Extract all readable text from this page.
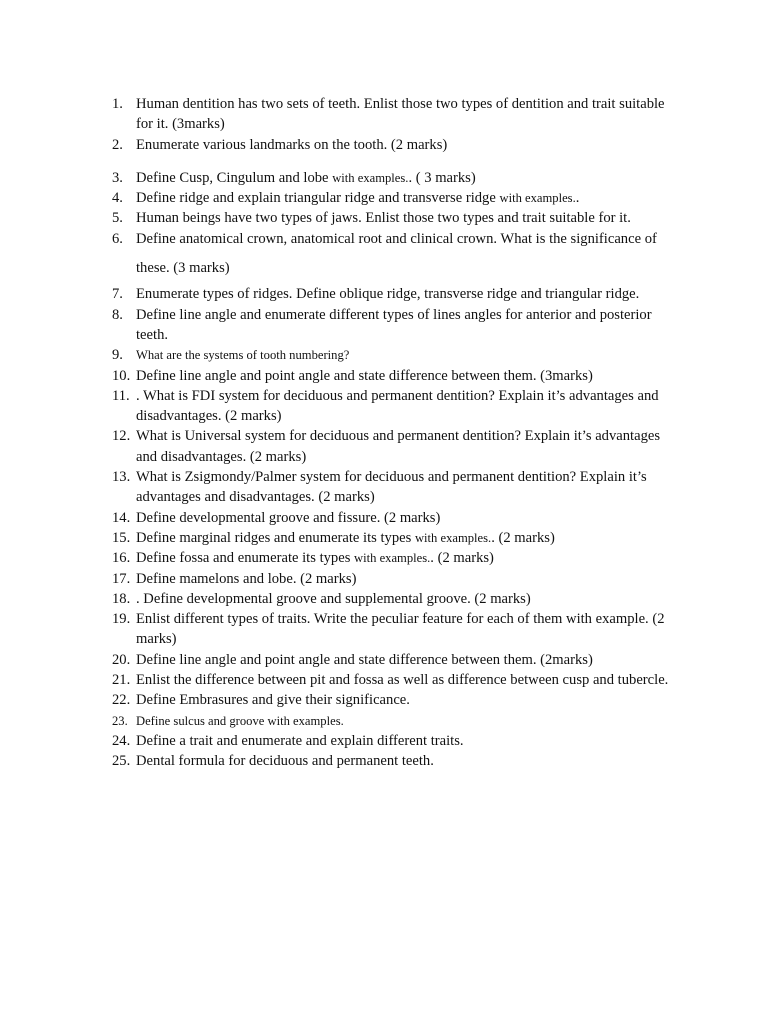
1. Human dentition has two sets of teeth. Enlist those two types of dentition and trait suitable for it. (3marks)
2. Enumerate various landmarks on the tooth. (2 marks)
3. Define Cusp, Cingulum and lobe with examples.. ( 3 marks)
4. Define ridge and explain triangular ridge and transverse ridge with examples..
5. Human beings have two types of jaws. Enlist those two types and trait suitable for it.
6. Define anatomical crown, anatomical root and clinical crown. What is the significance of
these. (3 marks)
7. Enumerate types of ridges. Define oblique ridge, transverse ridge and triangular ridge.
8. Define line angle and enumerate different types of lines angles for anterior and posterior teeth.
9. What are the systems of tooth numbering?
10. Define line angle and point angle and state difference between them. (3marks)
11. . What is FDI system for deciduous and permanent dentition? Explain it’s advantages and disadvantages. (2 marks)
12. What is Universal system for deciduous and permanent dentition? Explain it’s advantages and disadvantages. (2 marks)
13. What is Zsigmondy/Palmer system for deciduous and permanent dentition? Explain it’s advantages and disadvantages. (2 marks)
14. Define developmental groove and fissure. (2 marks)
15. Define marginal ridges and enumerate its types with examples.. (2 marks)
16. Define fossa and enumerate its types with examples.. (2 marks)
17. Define mamelons and lobe. (2 marks)
18. . Define developmental groove and supplemental groove. (2 marks)
19. Enlist different types of traits. Write the peculiar feature for each of them with example. (2 marks)
20. Define line angle and point angle and state difference between them. (2marks)
21. Enlist the difference between pit and fossa as well as difference between cusp and tubercle.
22. Define Embrasures and give their significance.
23. Define sulcus and groove with examples.
24. Define a trait and enumerate and explain different traits.
25. Dental formula for deciduous and permanent teeth.
